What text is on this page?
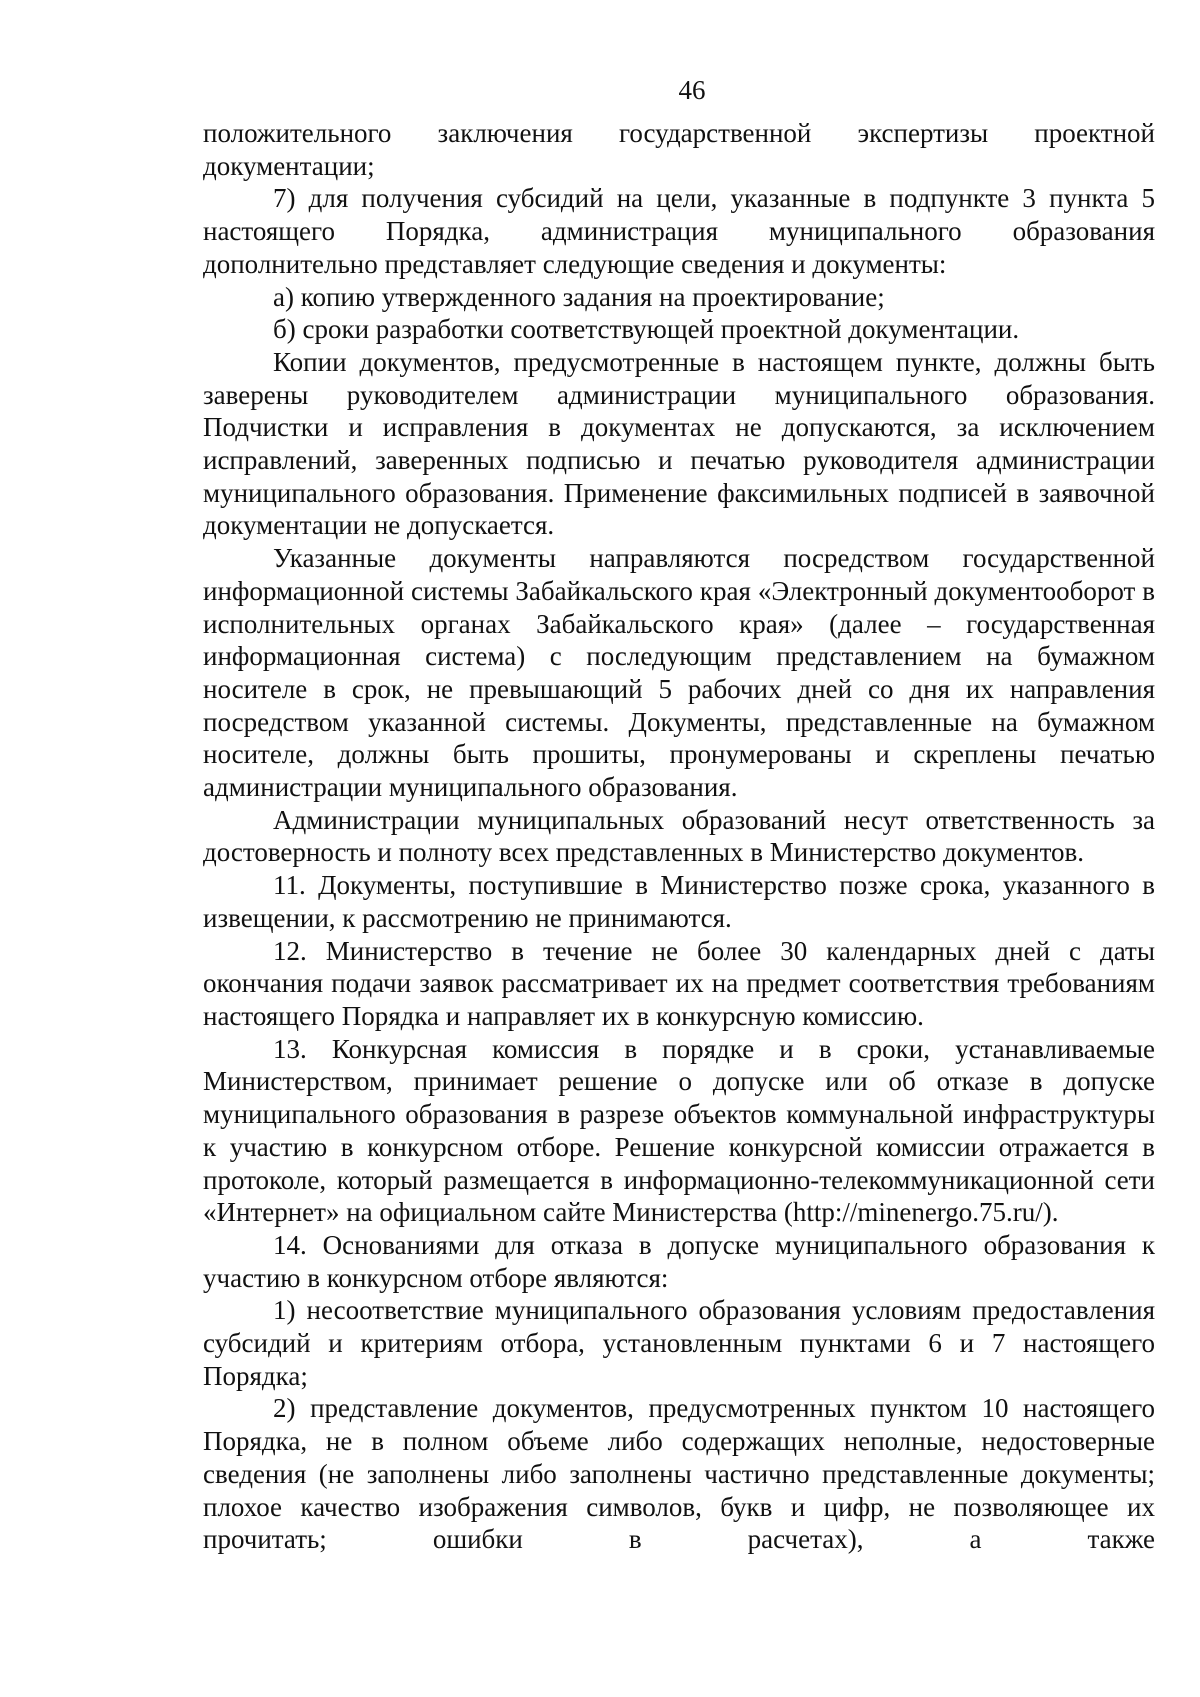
46

положительного заключения государственной экспертизы проектной документации;

7) для получения субсидий на цели, указанные в подпункте 3 пункта 5 настоящего Порядка, администрация муниципального образования дополнительно представляет следующие сведения и документы:

а) копию утвержденного задания на проектирование;

б) сроки разработки соответствующей проектной документации.

Копии документов, предусмотренные в настоящем пункте, должны быть заверены руководителем администрации муниципального образования. Подчистки и исправления в документах не допускаются, за исключением исправлений, заверенных подписью и печатью руководителя администрации муниципального образования. Применение факсимильных подписей в заявочной документации не допускается.

Указанные документы направляются посредством государственной информационной системы Забайкальского края «Электронный документооборот в исполнительных органах Забайкальского края» (далее – государственная информационная система) с последующим представлением на бумажном носителе в срок, не превышающий 5 рабочих дней со дня их направления посредством указанной системы. Документы, представленные на бумажном носителе, должны быть прошиты, пронумерованы и скреплены печатью администрации муниципального образования.

Администрации муниципальных образований несут ответственность за достоверность и полноту всех представленных в Министерство документов.

11. Документы, поступившие в Министерство позже срока, указанного в извещении, к рассмотрению не принимаются.

12. Министерство в течение не более 30 календарных дней с даты окончания подачи заявок рассматривает их на предмет соответствия требованиям настоящего Порядка и направляет их в конкурсную комиссию.

13. Конкурсная комиссия в порядке и в сроки, устанавливаемые Министерством, принимает решение о допуске или об отказе в допуске муниципального образования в разрезе объектов коммунальной инфраструктуры к участию в конкурсном отборе. Решение конкурсной комиссии отражается в протоколе, который размещается в информационно-телекоммуникационной сети «Интернет» на официальном сайте Министерства (http://minenergo.75.ru/).

14. Основаниями для отказа в допуске муниципального образования к участию в конкурсном отборе являются:

1) несоответствие муниципального образования условиям предоставления субсидий и критериям отбора, установленным пунктами 6 и 7 настоящего Порядка;

2) представление документов, предусмотренных пунктом 10 настоящего Порядка, не в полном объеме либо содержащих неполные, недостоверные сведения (не заполнены либо заполнены частично представленные документы; плохое качество изображения символов, букв и цифр, не позволяющее их прочитать; ошибки в расчетах), а также
